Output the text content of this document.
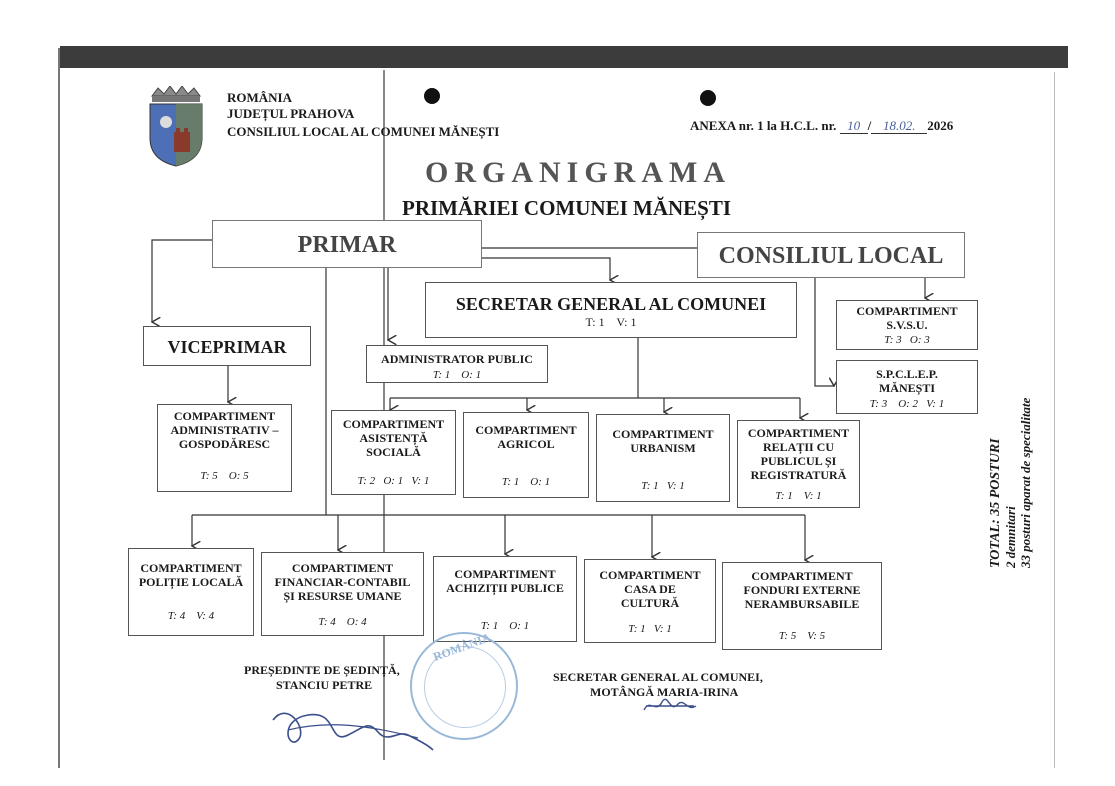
ROMÂNIA
JUDEȚUL PRAHOVA
CONSILIUL LOCAL AL COMUNEI MĂNEȘTI	ANEXA nr. 1 la H.C.L. nr. 10 / 18.02. 2026
ORGANIGRAMA
PRIMĂRIEI COMUNEI MĂNEȘTI
PRIMAR	CONSILIUL LOCAL
SECRETAR GENERAL AL COMUNEI
T: 1    V: 1
VICEPRIMAR
ADMINISTRATOR PUBLIC
T: 1    O: 1
COMPARTIMENT
S.V.S.U.
T: 3   O: 3
S.P.C.L.E.P.
MĂNEȘTI
T: 3    O: 2   V: 1
COMPARTIMENT
ADMINISTRATIV –
GOSPODĂRESC
T: 5    O: 5
COMPARTIMENT
ASISTENȚĂ
SOCIALĂ
T: 2   O: 1   V: 1
COMPARTIMENT
AGRICOL
T: 1    O: 1
COMPARTIMENT
URBANISM
T: 1   V: 1
COMPARTIMENT
RELAȚII CU
PUBLICUL ȘI
REGISTRATURĂ
T: 1    V: 1
COMPARTIMENT
POLIȚIE LOCALĂ
T: 4    V: 4
COMPARTIMENT
FINANCIAR-CONTABIL
ȘI RESURSE UMANE
T: 4    O: 4
COMPARTIMENT
ACHIZIȚII PUBLICE
T: 1    O: 1
COMPARTIMENT
CASA DE
CULTURĂ
T: 1   V: 1
COMPARTIMENT
FONDURI EXTERNE
NERAMBURSABILE
T: 5    V: 5
TOTAL: 35 POSTURI 2 demnitari 33 posturi aparat de specialitate
PREȘEDINTE DE ȘEDINȚĂ,
STANCIU PETRE
SECRETAR GENERAL AL COMUNEI,
MOTÂNGĂ MARIA-IRINA
ROMÂNIA
